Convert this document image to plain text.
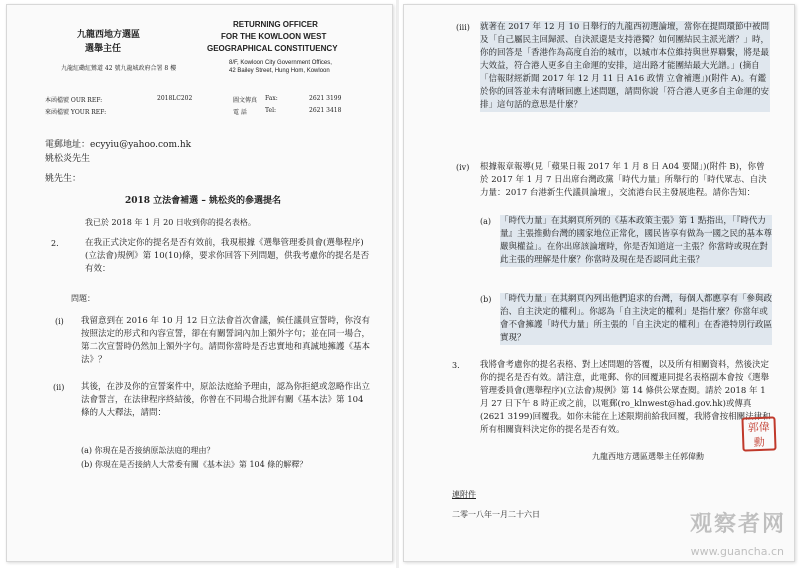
九龍西地方選區
選舉主任
九龍紅磡紅鸞道 42 號九龍城政府合署 8 樓
RETURNING OFFICER
FOR THE KOWLOON WEST
GEOGRAPHICAL CONSTITUENCY
8/F, Kowloon City Government Offices,
42 Bailey Street, Hung Hom, Kowloon
本函檔號 OUR REF:	2018LC202
來函檔號 YOUR REF:
圖文傳真 Fax:	2621 3199
電 話	Tel:	2621 3418
電郵地址：ecyyiu@yahoo.com.hk
姚松炎先生
姚先生：
2018 立法會補選 – 姚松炎的參選提名
我已於 2018 年 1 月 20 日收到你的提名表格。
2.	在我正式決定你的提名是否有效前，我現根據《選舉管理委員會(選舉程序)(立法會)規例》第 10(10)條，要求你回答下列問題，供我考慮你的提名是否有效：
問題：
(i) 我留意到在 2016 年 10 月 12 日立法會首次會議，候任議員宣誓時，你沒有按照法定的形式和內容宣誓，卻在有關誓詞內加上額外字句；並在同一場合，第二次宣誓時仍然加上額外字句。請問你當時是否忠實地和真誠地擁護《基本法》？
(ii) 其後，在涉及你的宣誓案件中，原訟法庭給予理由，認為你拒絕或忽略作出立法會誓言，在法律程序終結後，你曾在不同場合批評有關《基本法》第 104 條的人大釋法，請問：
(a) 你現在是否接納原訟法庭的理由？
(b) 你現在是否接納人大常委有關《基本法》第 104 條的解釋？
(iii) 就著在 2017 年 12 月 10 日舉行的九龍西初選論壇，當你在提問環節中被問及「自己屬民主回歸派、自決派還是支持港獨？如何團結民主派光譜？」時，你的回答是「香港作為高度自治的城市，以城市本位維持與世界聯繫，將是最大效益，符合港人更多自主命運的安排，這出路才能團結最大光譜。」(摘自「信報財經新聞 2017 年 12 月 11 日 A16 政情 立會補選」)(附件 A)。有鑑於你的回答並未有清晰回應上述問題，請問你說「符合港人更多自主命運的安排」這句話的意思是什麼？
(iv) 根據報章報導(見「蘋果日報 2017 年 1 月 8 日 A04 要聞」)(附件 B)，你曾於 2017 年 1 月 7 日出席台灣政黨「時代力量」所舉行的「時代眾志、自決力量：2017 台港新生代議員論壇」，交流港台民主發展進程。請你告知：
(a) 「時代力量」在其網頁所列的《基本政策主張》第 1 點指出，「『時代力量』主張推動台灣的國家地位正常化，國民皆享有做為一國之民的基本尊嚴與權益」。在你出席該論壇時，你是否知道這一主張？你當時或現在對此主張的理解是什麼？你當時及現在是否認同此主張？
(b) 「時代力量」在其網頁內列出他們追求的台灣，每個人都應享有「參與政治、自主決定的權利」。你認為「自主決定的權利」是指什麼？你當年或會不會擁護「時代力量」所主張的「自主決定的權利」在香港特別行政區實現？
3. 我將會考慮你的提名表格、對上述問題的答覆，以及所有相關資料，然後決定你的提名是否有效。請注意，此電郵、你的回覆連同提名表格副本會按《選舉管理委員會(選舉程序)(立法會)規例》第 14 條供公眾查閱。請於 2018 年 1 月 27 日下午 8 時正或之前，以電郵(ro_klnwest@had.gov.hk)或傳真(2621 3199)回覆我。如你未能在上述限期前給我回覆，我將會按相關法律和所有相關資料決定你的提名是否有效。
九龍西地方選區選舉主任郭偉勳
郭偉勳
連附件
二零一八年一月二十六日	观察者网
www.guancha.cn
